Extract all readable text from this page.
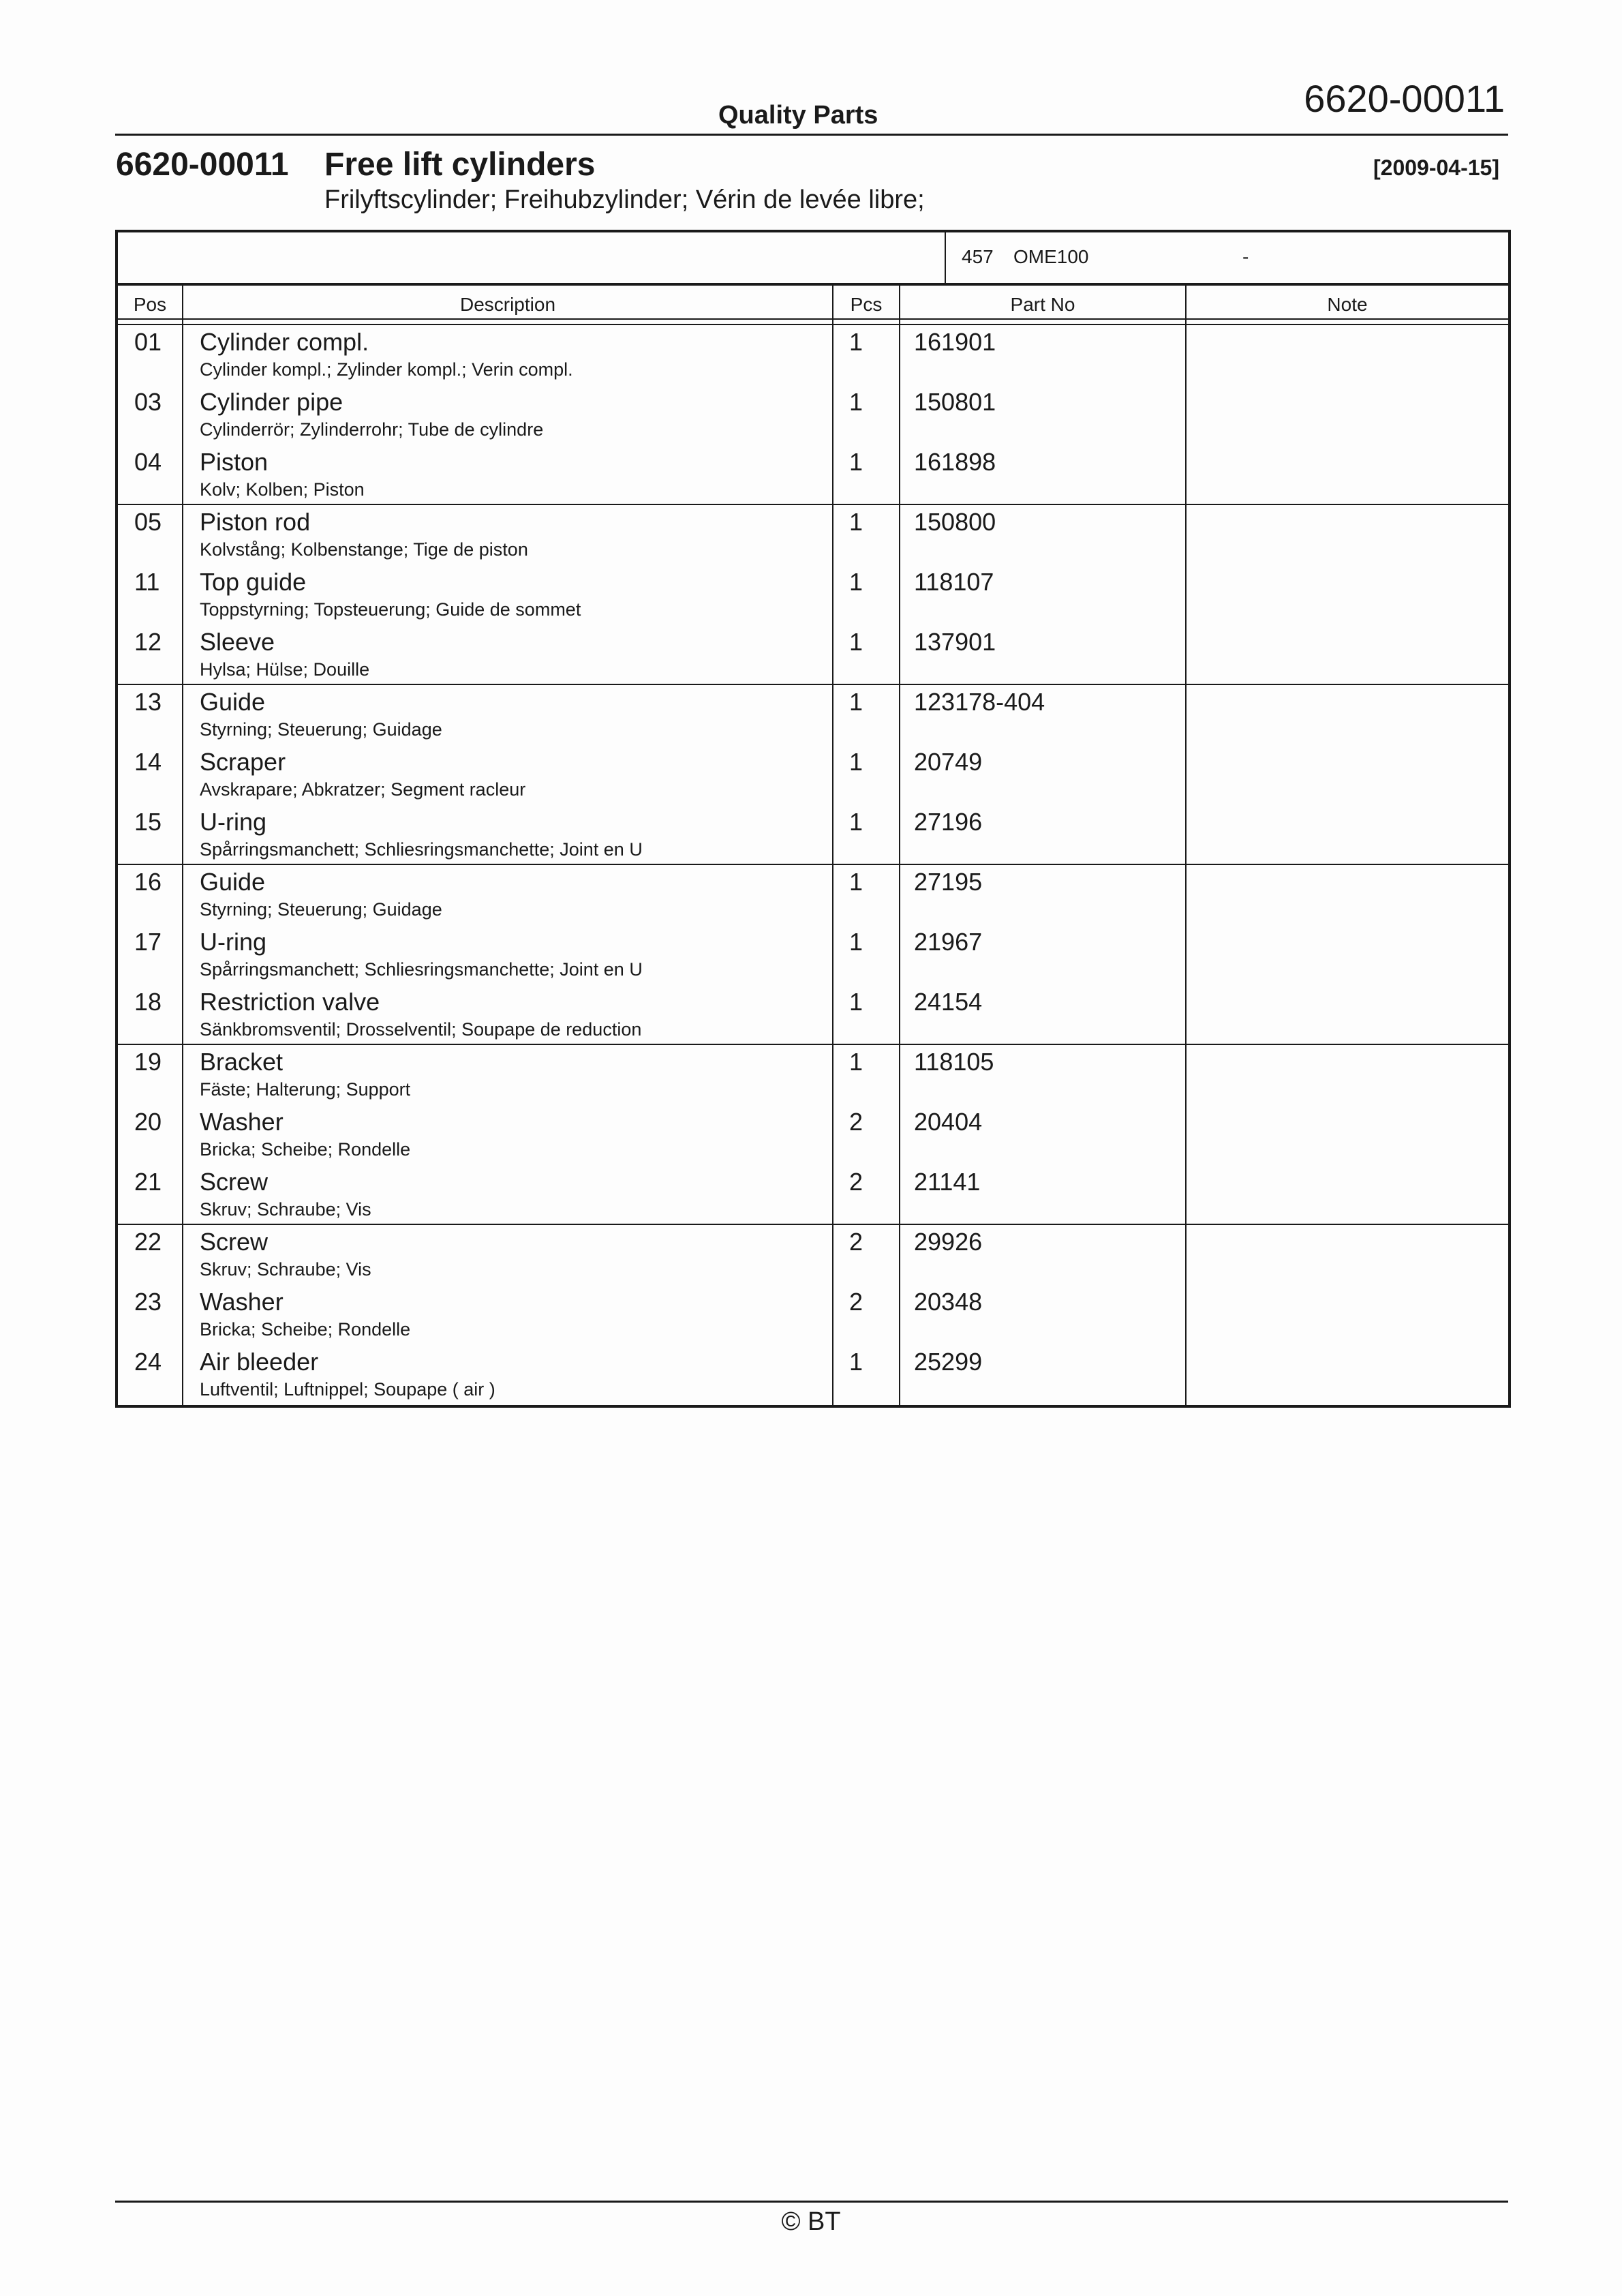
6620-00011
Quality Parts
6620-00011 Free lift cylinders	[2009-04-15]
Frilyftscylinder; Freihubzylinder; Vérin de levée libre;
457 OME100	-
Pos	Description	Pcs	Part No	Note
01 Cylinder compl.
Cylinder kompl.; Zylinder kompl.; Verin compl.
1 161901
03 Cylinder pipe
Cylinderrör; Zylinderrohr; Tube de cylindre
1 150801
04 Piston
Kolv; Kolben; Piston
1 161898
05 Piston rod
Kolvstång; Kolbenstange; Tige de piston
1 150800
11 Top guide
Toppstyrning; Topsteuerung; Guide de sommet
1 118107
12 Sleeve
Hylsa; Hülse; Douille
1 137901
13 Guide
Styrning; Steuerung; Guidage
1 123178-404
14 Scraper
Avskrapare; Abkratzer; Segment racleur
1 20749
15 U-ring
Spårringsmanchett; Schliesringsmanchette; Joint en U
1 27196
16 Guide
Styrning; Steuerung; Guidage
1 27195
17 U-ring
Spårringsmanchett; Schliesringsmanchette; Joint en U
1 21967
18 Restriction valve
Sänkbromsventil; Drosselventil; Soupape de reduction
1 24154
19 Bracket
Fäste; Halterung; Support
1 118105
20 Washer
Bricka; Scheibe; Rondelle
2 20404
21 Screw
Skruv; Schraube; Vis
2 21141
22 Screw
Skruv; Schraube; Vis
2 29926
23 Washer
Bricka; Scheibe; Rondelle
2 20348
24 Air bleeder
Luftventil; Luftnippel; Soupape ( air )
1 25299
© BT
